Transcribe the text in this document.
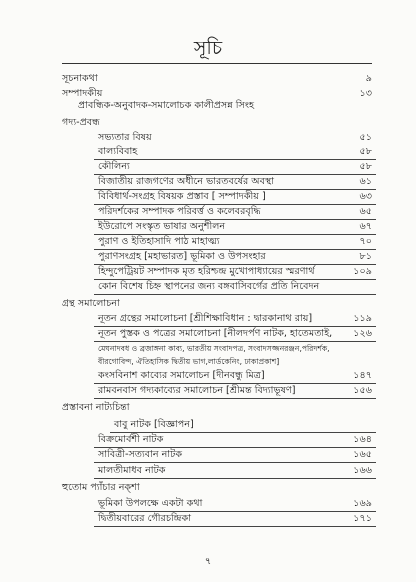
সূচি
সূচনাকথা	৯
সম্পাদকীয়	১৩
প্রাবন্ধিক-অনুবাদক-সমালোচক কালীপ্রসন্ন সিংহ
গদ্য-প্রবন্ধ
সভ্যতার বিষয়	৫১
বাল্যবিবাহ	৫৮
কৌলিন্য	৫৮
বিজাতীয় রাজগণের অধীনে ভারতবর্ষের অবস্থা	৬১
বিবিধার্থ-সংগ্রহ বিষয়ক প্রস্তাব [ সম্পাদকীয় ]	৬৩
পরিদর্শকের সম্পাদক পরিবর্ত্ত ও কলেবরবৃদ্ধি	৬৫
ইউরোপে সংস্কৃত ভাষার অনুশীলন	৬৭
পুরাণ ও ইতিহাসাদি পাঠ মাহাত্ম্য	৭০
পুরাণসংগ্রহ [মহাভারত] ভূমিকা ও উপসংহার	৮১
হিন্দুপেট্রিয়ট সম্পাদক মৃত হরিশ্চন্দ্র মুখোপাধ্যায়ের স্মরণার্থ	১০৯
কোন বিশেষ চিহ্ন স্থাপনের জন্য বঙ্গবাসিবর্গের প্রতি নিবেদন
গ্রন্থ সমালোচনা
নূতন গ্রন্থের সমালোচনা [শ্রীশিক্ষাবিধান : দ্বারকানাথ রায়]	১১৯
নূতন পুস্তক ও পত্রের সমালোচনা [নীলদর্পণ নাটক, হাতেমতাই, ১২৬
মেঘনাদবধ ও ব্রজাঙ্গনা কাব্য, ভারতীয় সংবাদপত্র, সংবাদসজ্জনরঞ্জন,পরিদর্শক,
বীরগোবিন্দ, ঐতিহাসিক দ্বিতীয় ভাগ,লার্ডকেনিং, ঢাকাপ্রকাশ]
কংসবিনাশ কাব্যের সমালোচন [দীনবন্ধু মিত্র]	১৪৭
রামবনবাস গদ্যকাব্যের সমালোচন [শ্রীমন্ত বিদ্যাভূষণ]	১৫৬
প্রস্তাবনা নাট্যচিন্তা
বাবু নাটক [বিজ্ঞাপন]
বিক্রমোর্বশী নাটক	১৬৪
সাবিত্রী-সত্যবান নাটক	১৬৫
মালতীমাধব নাটক	১৬৬
হুতোম প্যাঁচার নক্শা
ভূমিকা উপলক্ষে একটা কথা	১৬৯
দ্বিতীয়বারের গৌরচন্দ্রিকা	১৭১
৭
